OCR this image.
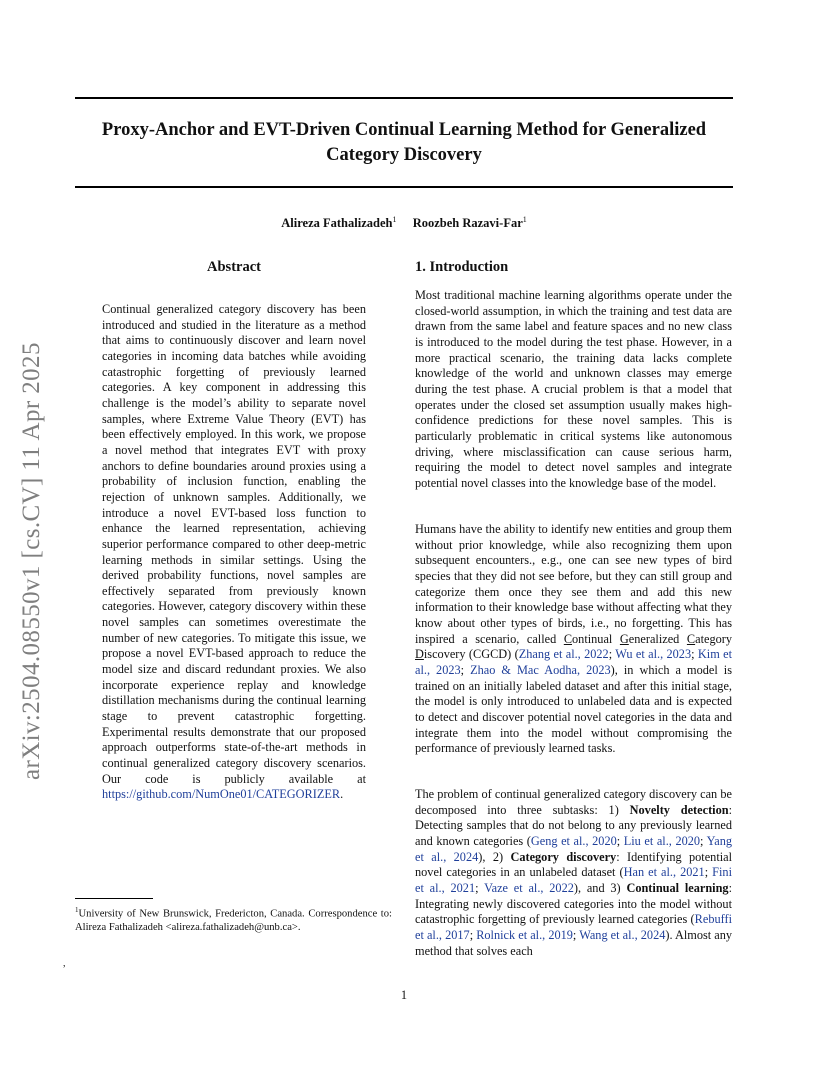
Proxy-Anchor and EVT-Driven Continual Learning Method for Generalized Category Discovery

Alireza Fathalizadeh$^1$ Roozbeh Razavi-Far$^1$

arXiv:2504.08550v1 [cs.CV] 11 Apr 2025
Abstract

Continual generalized category discovery has been introduced and studied in the literature as a method that aims to continuously discover and learn novel categories in incoming data batches while avoiding catastrophic forgetting of previously learned categories. A key component in addressing this challenge is the model’s ability to separate novel samples, where Extreme Value Theory (EVT) has been effectively employed. In this work, we propose a novel method that integrates EVT with proxy anchors to define boundaries around proxies using a probability of inclusion function, enabling the rejection of unknown samples. Additionally, we introduce a novel EVT-based loss function to enhance the learned representation, achieving superior performance compared to other deep-metric learning methods in similar settings. Using the derived probability functions, novel samples are effectively separated from previously known categories. However, category discovery within these novel samples can sometimes overestimate the number of new categories. To mitigate this issue, we propose a novel EVT-based approach to reduce the model size and discard redundant proxies. We also incorporate experience replay and knowledge distillation mechanisms during the continual learning stage to prevent catastrophic forgetting. Experimental results demonstrate that our proposed approach outperforms state-of-the-art methods in continual generalized category discovery scenarios. Our code is publicly available at https://github.com/NumOne01/CATEGORIZER.

$^1$University of New Brunswick, Fredericton, Canada. Correspondence to: Alireza Fathalizadeh <alireza.fathalizadeh@unb.ca>.

,

1. Introduction

Most traditional machine learning algorithms operate under the closed-world assumption, in which the training and test data are drawn from the same label and feature spaces and no new class is introduced to the model during the test phase. However, in a more practical scenario, the training data lacks complete knowledge of the world and unknown classes may emerge during the test phase. A crucial problem is that a model that operates under the closed set assumption usually makes high-confidence predictions for these novel samples. This is particularly problematic in critical systems like autonomous driving, where misclassification can cause serious harm, requiring the model to detect novel samples and integrate potential novel classes into the knowledge base of the model.

Humans have the ability to identify new entities and group them without prior knowledge, while also recognizing them upon subsequent encounters., e.g., one can see new types of bird species that they did not see before, but they can still group and categorize them once they see them and add this new information to their knowledge base without affecting what they know about other types of birds, i.e., no forgetting. This has inspired a scenario, called Continual Generalized Category Discovery (CGCD) (Zhang et al., 2022; Wu et al., 2023; Kim et al., 2023; Zhao & Mac Aodha, 2023), in which a model is trained on an initially labeled dataset and after this initial stage, the model is only introduced to unlabeled data and is expected to detect and discover potential novel categories in the data and integrate them into the model without compromising the performance of previously learned tasks.

The problem of continual generalized category discovery can be decomposed into three subtasks: 1) Novelty detection: Detecting samples that do not belong to any previously learned and known categories (Geng et al., 2020; Liu et al., 2020; Yang et al., 2024), 2) Category discovery: Identifying potential novel categories in an unlabeled dataset (Han et al., 2021; Fini et al., 2021; Vaze et al., 2022), and 3) Continual learning: Integrating newly discovered categories into the model without catastrophic forgetting of previously learned categories (Rebuffi et al., 2017; Rolnick et al., 2019; Wang et al., 2024). Almost any method that solves each

1
